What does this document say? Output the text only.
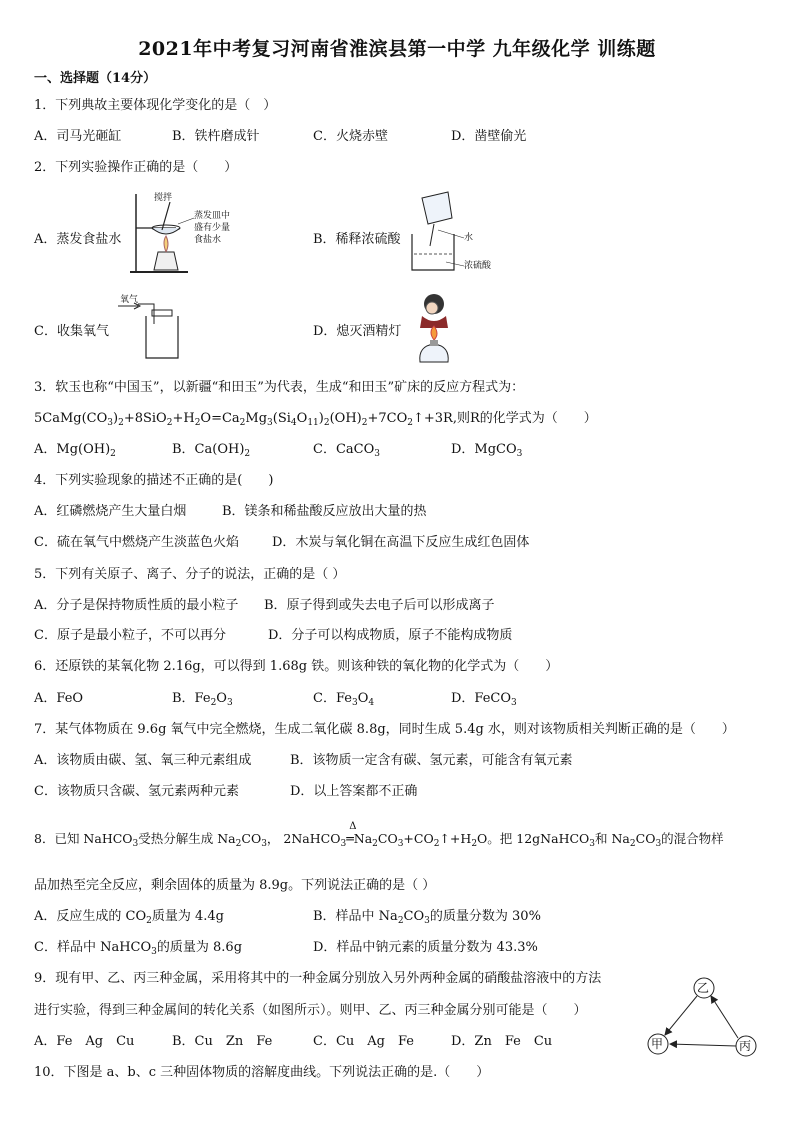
2021年中考复习河南省淮滨县第一中学 九年级化学 训练题
一、选择题（14分）
1．下列典故主要体现化学变化的是（　）
A．司马光砸缸	B．铁杵磨成针	C．火烧赤壁	D．凿壁偷光
2．下列实验操作正确的是（　　）
A．蒸发食盐水
搅拌
蒸发皿中
盛有少量
食盐水	B．稀释浓硫酸	水
浓硫酸
C．收集氧气
氧气
D．熄灭酒精灯
3．软玉也称“中国玉”，以新疆“和田玉”为代表，生成“和田玉”矿床的反应方程式为：
$5CaMg(CO_3)_2+8SiO_2+H_2O=Ca_2Mg_3(Si_4O_{11})_2(OH)_2+7CO_2↑+3R$,则R的化学式为（　　）
A．$Mg(OH)_2$	B．$Ca(OH)_2$	C．CaCO$_3$	D．MgCO$_3$
4．下列实验现象的描述不正确的是(　　)
A．红磷燃烧产生大量白烟	B．镁条和稀盐酸反应放出大量的热
C．硫在氧气中燃烧产生淡蓝色火焰	D．木炭与氧化铜在高温下反应生成红色固体
5．下列有关原子、离子、分子的说法，正确的是（ ）
A．分子是保持物质性质的最小粒子 B．原子得到或失去电子后可以形成离子
C．原子是最小粒子，不可以再分	D．分子可以构成物质，原子不能构成物质
6．还原铁的某氧化物 2.16g，可以得到 1.68g 铁。则该种铁的氧化物的化学式为（　　）
A．FeO	B．$Fe_2O_3$	C．$Fe_3O_4$	D．FeCO$_3$
7．某气体物质在 9.6g 氧气中完全燃烧，生成二氧化碳 8.8g，同时生成 5.4g 水，则对该物质相关判断正确的是（　　）
A．该物质由碳、氢、氧三种元素组成	B．该物质一定含有碳、氢元素，可能含有氧元素
C．该物质只含碳、氢元素两种元素	D．以上答案都不正确
8．已知 NaHCO$_3$受热分解生成 $Na_2CO_3$， 2NaHCO$_3$
Δ
$═Na_2CO_3+CO_2↑+H_2O$。把 12gNaHCO$_3$和 $Na_2CO_3$的混合物样
品加热至完全反应，剩余固体的质量为 8.9g。下列说法正确的是（ ）
A．反应生成的 $CO_2$质量为 4.4g	B．样品中 $Na_2CO_3$的质量分数为 30%
C．样品中 NaHCO$_3$的质量为 8.6g	D．样品中钠元素的质量分数为 43.3%
9．现有甲、乙、丙三种金属，采用将其中的一种金属分别放入另外两种金属的硝酸盐溶液中的方法
进行实验，得到三种金属间的转化关系（如图所示）。则甲、乙、丙三种金属分别可能是（　　）
A．Fe　Ag　Cu	B．Cu　Zn　Fe	C．Cu　Ag　Fe	D．Zn　Fe　Cu
乙
甲	丙
10．下图是 a、b、c 三种固体物质的溶解度曲线。下列说法正确的是.（　　）
